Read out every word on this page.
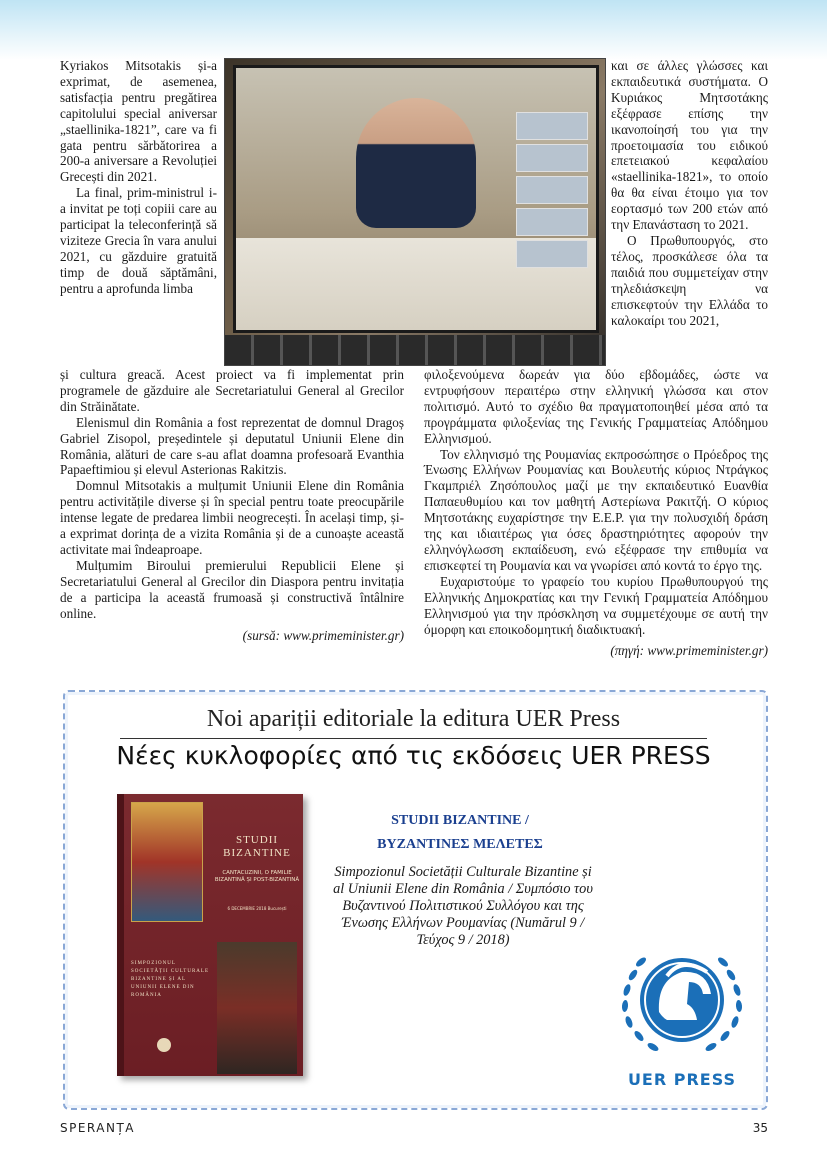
Kyriakos Mitsotakis și-a exprimat, de asemenea, satisfacția pentru pregătirea capitolului special aniversar „staellinika-1821”, care va fi gata pentru sărbătorirea a 200-a aniversare a Revoluției Grecești din 2021.

La final, prim-ministrul i-a invitat pe toți copiii care au participat la teleconferință să viziteze Grecia în vara anului 2021, cu găzduire gratuită timp de două săptămâni, pentru a aprofunda limba

και σε άλλες γλώσσες και εκπαιδευτικά συστήματα. Ο Κυριάκος Μητσοτάκης εξέφρασε επίσης την ικανοποίησή του για την προετοιμασία του ειδικού επετειακού κεφαλαίου «staellinika-1821», το οποίο θα θα είναι έτοιμο για τον εορτασμό των 200 ετών από την Επανάσταση το 2021.

Ο Πρωθυπουργός, στο τέλος, προσκάλεσε όλα τα παιδιά που συμμετείχαν στην τηλεδιάσκεψη να επισκεφτούν την Ελλάδα το καλοκαίρι του 2021,

și cultura greacă. Acest proiect va fi implementat prin programele de găzduire ale Secretariatului General al Grecilor din Străinătate.

Elenismul din România a fost reprezentat de domnul Dragoș Gabriel Zisopol, președintele și deputatul Uniunii Elene din România, alături de care s-au aflat doamna profesoară Evanthia Papaeftimiou și elevul Asterionas Rakitzis.

Domnul Mitsotakis a mulțumit Uniunii Elene din România pentru activitățile diverse și în special pentru toate preocupările intense legate de predarea limbii neogrecești. În același timp, și-a exprimat dorința de a vizita România și de a cunoaște această activitate mai îndeaproape.

Mulțumim Biroului premierului Republicii Elene și Secretariatului General al Grecilor din Diaspora pentru invitația de a participa la această frumoasă și constructivă întâlnire online.

(sursă: www.primeminister.gr)

φιλοξενούμενα δωρεάν για δύο εβδομάδες, ώστε να εντρυφήσουν περαιτέρω στην ελληνική γλώσσα και στον πολιτισμό. Αυτό το σχέδιο θα πραγματοποιηθεί μέσα από τα προγράμματα φιλοξενίας της Γενικής Γραμματείας Απόδημου Ελληνισμού.

Τον ελληνισμό της Ρουμανίας εκπροσώπησε ο Πρόεδρος της Ένωσης Ελλήνων Ρουμανίας και Βουλευτής κύριος Ντράγκος Γκαμπριέλ Ζησόπουλος μαζί με την εκπαιδευτικό Ευανθία Παπαευθυμίου και τον μαθητή Αστερίωνα Ρακιτζή. Ο κύριος Μητσοτάκης ευχαρίστησε την Ε.Ε.Ρ. για την πολυσχιδή δράση της και ιδιαιτέρως για όσες δραστηριότητες αφορούν την ελληνόγλωσση εκπαίδευση, ενώ εξέφρασε την επιθυμία να επισκεφτεί τη Ρουμανία και να γνωρίσει από κοντά το έργο της.

Ευχαριστούμε το γραφείο του κυρίου Πρωθυπουργού της Ελληνικής Δημοκρατίας και την Γενική Γραμματεία Απόδημου Ελληνισμού για την πρόσκληση να συμμετέχουμε σε αυτή την όμορφη και εποικοδομητική διαδικτυακή.

(πηγή: www.primeminister.gr)

Noi apariții editoriale la editura UER Press
Νέες κυκλοφορίες από τις εκδόσεις UER PRESS
STUDII BIZANTINE
CANTACUZINII, O FAMILIE BIZANTINĂ ȘI POST-BIZANTINĂ
6 DECEMBRIE 2018 București
SIMPOZIONUL SOCIETĂȚII CULTURALE BIZANTINE ȘI AL UNIUNII ELENE DIN ROMÂNIA
STUDII BIZANTINE /
ΒΥΖΑΝΤΙΝΕΣ ΜΕΛΕΤΕΣ
Simpozionul Societății Culturale Bizantine și al Uniunii Elene din România / Συμπόσιο του Βυζαντινού Πολιτιστικού Συλλόγου και της Ένωσης Ελλήνων Ρουμανίας (Numărul 9 / Τεύχος 9 / 2018)
UER PRESS
SPERANȚA	35
